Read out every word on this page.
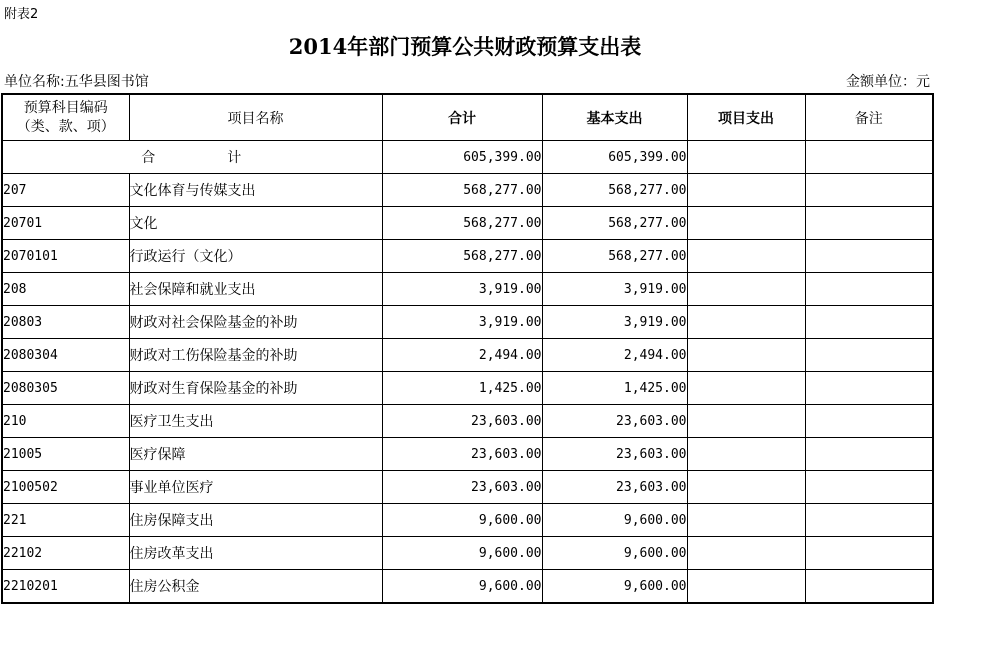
附表2
2014年部门预算公共财政预算支出表
单位名称:五华县图书馆	金额单位：元
预算科目编码
（类、款、项）	项目名称	合计	基本支出	项目支出	备注
合 计		605,399.00	605,399.00		
207	文化体育与传媒支出	568,277.00	568,277.00		
20701	文化	568,277.00	568,277.00		
2070101	行政运行（文化）	568,277.00	568,277.00		
208	社会保障和就业支出	3,919.00	3,919.00		
20803	财政对社会保险基金的补助	3,919.00	3,919.00		
2080304	财政对工伤保险基金的补助	2,494.00	2,494.00		
2080305	财政对生育保险基金的补助	1,425.00	1,425.00		
210	医疗卫生支出	23,603.00	23,603.00		
21005	医疗保障	23,603.00	23,603.00		
2100502	事业单位医疗	23,603.00	23,603.00		
221	住房保障支出	9,600.00	9,600.00		
22102	住房改革支出	9,600.00	9,600.00		
2210201	住房公积金	9,600.00	9,600.00		
